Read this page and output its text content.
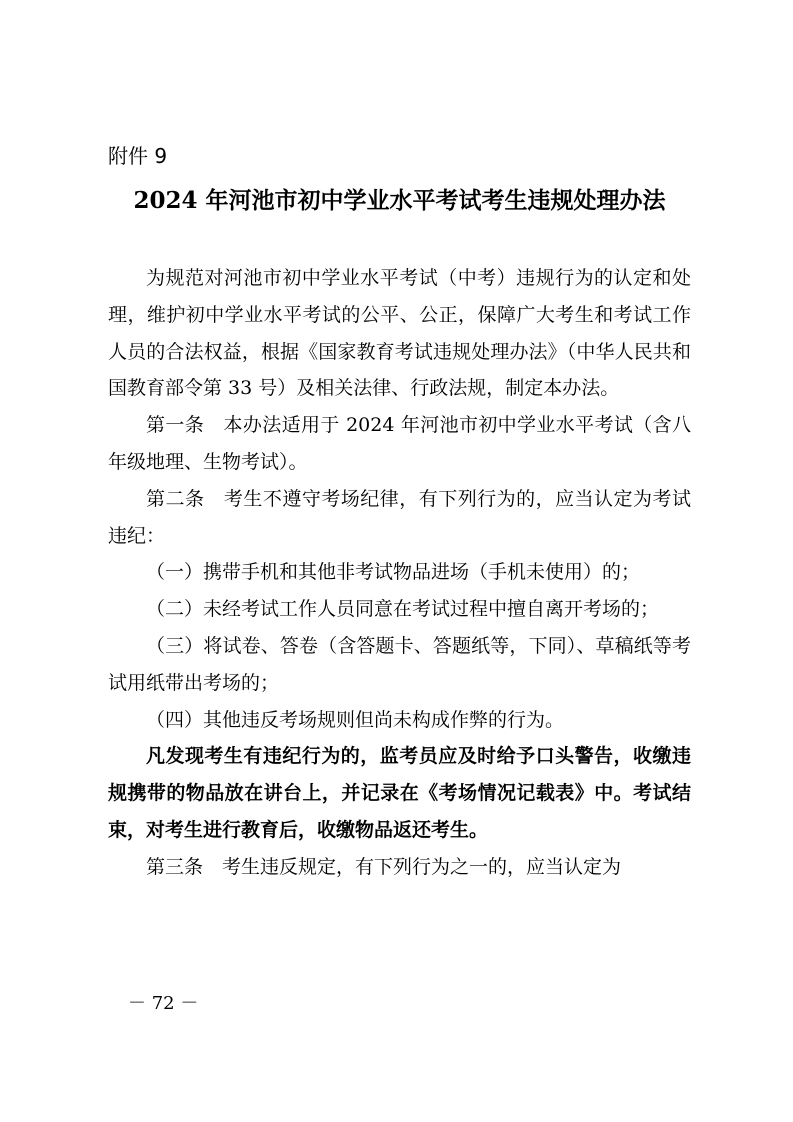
附件 9

2024 年河池市初中学业水平考试考生违规处理办法

为规范对河池市初中学业水平考试（中考）违规行为的认定和处理，维护初中学业水平考试的公平、公正，保障广大考生和考试工作人员的合法权益，根据《国家教育考试违规处理办法》（中华人民共和国教育部令第 33 号）及相关法律、行政法规，制定本办法。

第一条　本办法适用于 2024 年河池市初中学业水平考试（含八年级地理、生物考试）。

第二条　考生不遵守考场纪律，有下列行为的，应当认定为考试违纪：

（一）携带手机和其他非考试物品进场（手机未使用）的；

（二）未经考试工作人员同意在考试过程中擅自离开考场的；

（三）将试卷、答卷（含答题卡、答题纸等，下同）、草稿纸等考试用纸带出考场的；

（四）其他违反考场规则但尚未构成作弊的行为。

凡发现考生有违纪行为的，监考员应及时给予口头警告，收缴违规携带的物品放在讲台上，并记录在《考场情况记载表》中。考试结束，对考生进行教育后，收缴物品返还考生。

第三条　考生违反规定，有下列行为之一的，应当认定为

－ 72 －
